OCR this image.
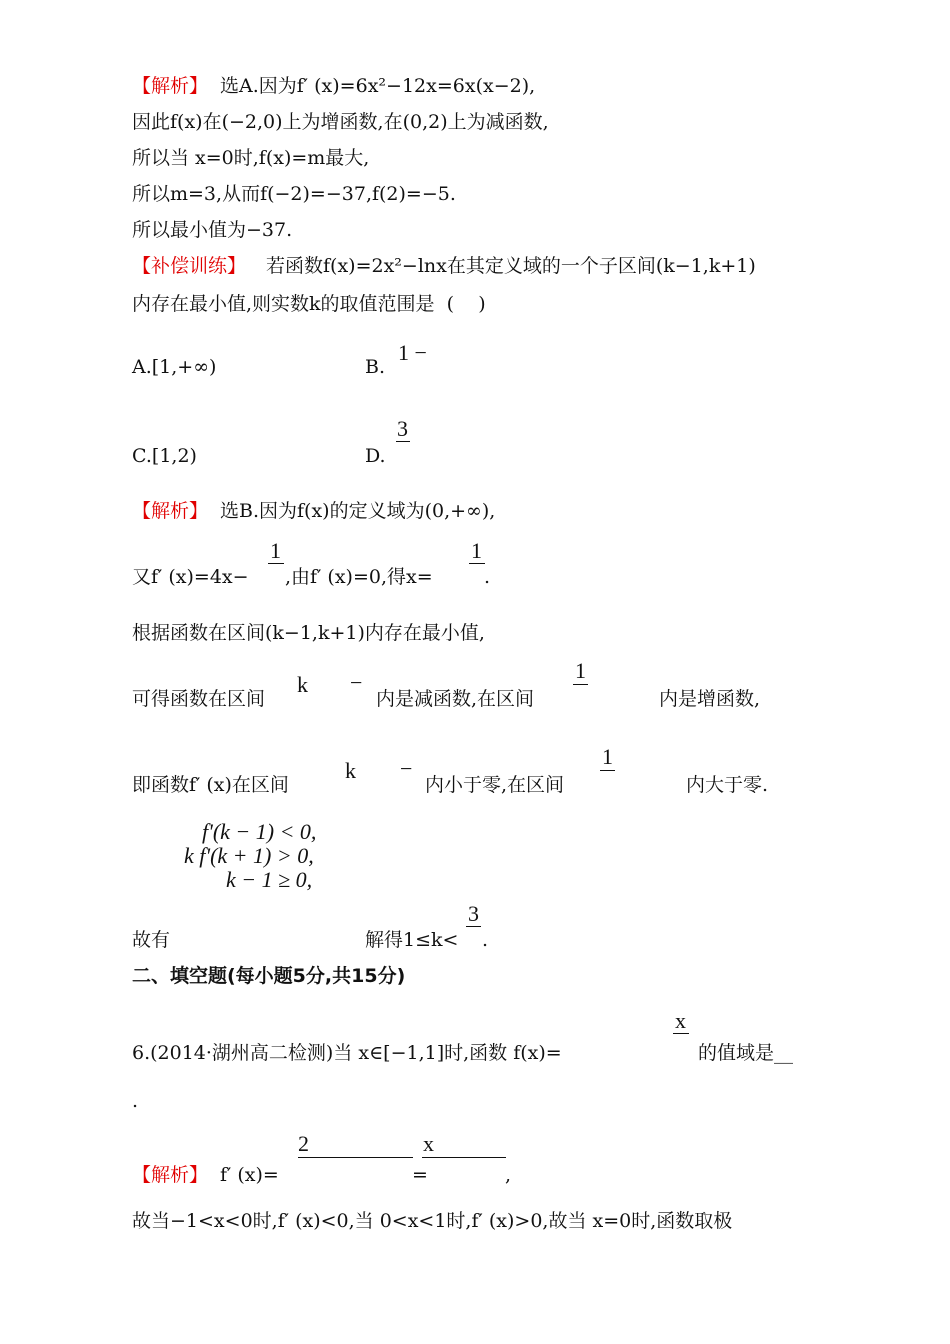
【解析】 选A.因为f′ (x)=6x²−12x=6x(x−2),
因此f(x)在(−2,0)上为增函数,在(0,2)上为减函数,
所以当 x=0时,f(x)=m最大,
所以m=3,从而f(−2)=−37,f(2)=−5.
所以最小值为−37.
【补偿训练】 若函数f(x)=2x²−lnx在其定义域的一个子区间(k−1,k+1)
内存在最小值,则实数k的取值范围是  (    )
A.[1,+∞)	B.
1 −
C.[1,2)	D.
3
【解析】 选B.因为f(x)的定义域为(0,+∞),
又f′ (x)=4x−
1
,由f′ (x)=0,得x=
1
.
根据函数在区间(k−1,k+1)内存在最小值,
可得函数在区间
k −
内是减函数,在区间
1
内是增函数,
即函数f′ (x)在区间
k −
内小于零,在区间
1
内大于零.
f'(k − 1) < 0,
k f'(k + 1) > 0,
k − 1 ≥ 0,
故有	解得1≤k<
3
.
二、填空题(每小题5分,共15分)
6.(2014·湖州高二检测)当 x∈[−1,1]时,函数 f(x)=
x
的值域是__
.
【解析】 f′ (x)=
2
=
x
,
故当−1<x<0时,f′ (x)<0,当 0<x<1时,f′ (x)>0,故当 x=0时,函数取极
